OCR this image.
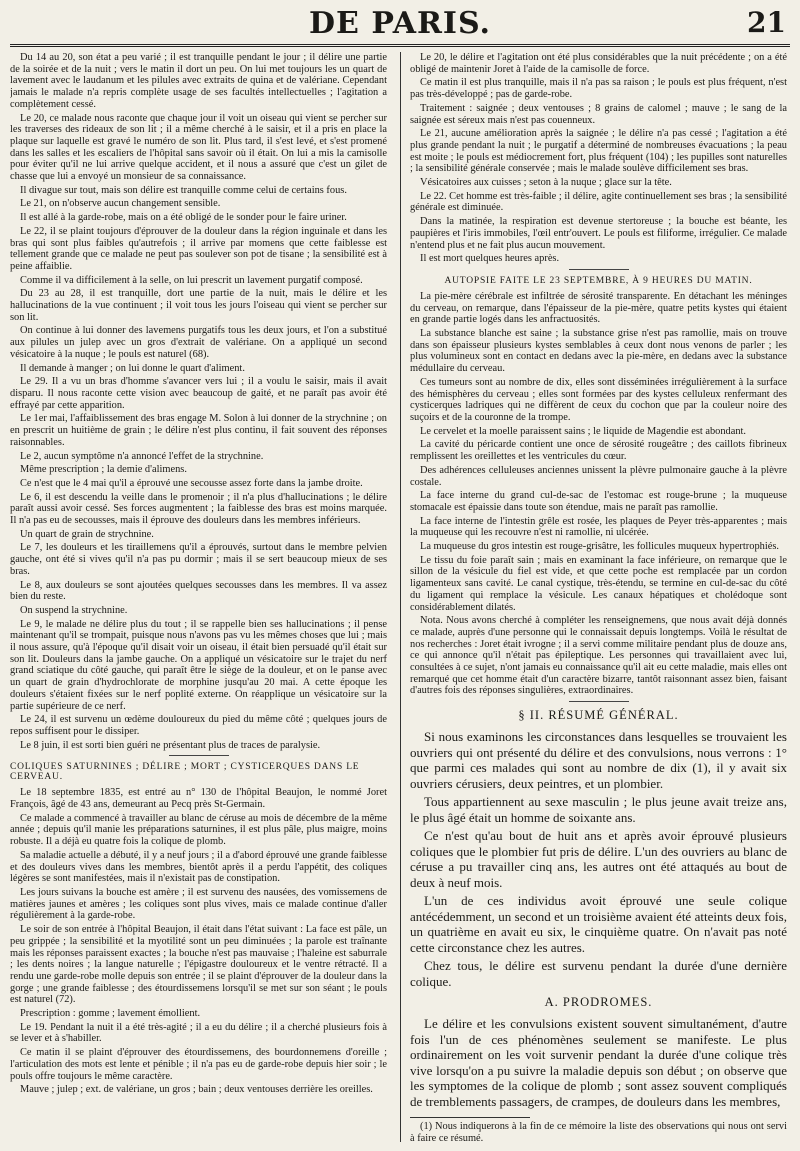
DE PARIS.	21

Du 14 au 20, son état a peu varié ; il est tranquille pendant le jour ; il délire une partie de la soirée et de la nuit ; vers le matin il dort un peu. On lui met toujours les un quart de lavement avec le laudanum et les pilules avec extraits de quina et de valériane. Cependant jamais le malade n'a repris complète usage de ses facultés intellectuelles ; l'agitation a complètement cessé.

Le 20, ce malade nous raconte que chaque jour il voit un oiseau qui vient se percher sur les traverses des rideaux de son lit ; il a même cherché à le saisir, et il a pris en place la plaque sur laquelle est gravé le numéro de son lit. Plus tard, il s'est levé, et s'est promené dans les salles et les escaliers de l'hôpital sans savoir où il était. On lui a mis la camisolle pour éviter qu'il ne lui arrive quelque accident, et il nous a assuré que c'est un gilet de chasse que lui a envoyé un monsieur de sa connaissance.

Il divague sur tout, mais son délire est tranquille comme celui de certains fous.

Le 21, on n'observe aucun changement sensible.

Il est allé à la garde-robe, mais on a été obligé de le sonder pour le faire uriner.

Le 22, il se plaint toujours d'éprouver de la douleur dans la région inguinale et dans les bras qui sont plus faibles qu'autrefois ; il arrive par momens que cette faiblesse est tellement grande que ce malade ne peut pas soulever son pot de tisane ; la sensibilité est à peine affaiblie.

Comme il va difficilement à la selle, on lui prescrit un lavement purgatif composé.

Du 23 au 28, il est tranquille, dort une partie de la nuit, mais le délire et les hallucinations de la vue continuent ; il voit tous les jours l'oiseau qui vient se percher sur son lit.

On continue à lui donner des lavemens purgatifs tous les deux jours, et l'on a substitué aux pilules un julep avec un gros d'extrait de valériane. On a appliqué un second vésicatoire à la nuque ; le pouls est naturel (68).

Il demande à manger ; on lui donne le quart d'aliment.

Le 29. Il a vu un bras d'homme s'avancer vers lui ; il a voulu le saisir, mais il avait disparu. Il nous raconte cette vision avec beaucoup de gaité, et ne paraît pas avoir été effrayé par cette apparition.

Le 1er mai, l'affaiblissement des bras engage M. Solon à lui donner de la strychnine ; on en prescrit un huitième de grain ; le délire n'est plus continu, il fait souvent des réponses raisonnables.

Le 2, aucun symptôme n'a annoncé l'effet de la strychnine.

Même prescription ; la demie d'alimens.

Ce n'est que le 4 mai qu'il a éprouvé une secousse assez forte dans la jambe droite.

Le 6, il est descendu la veille dans le promenoir ; il n'a plus d'hallucinations ; le délire paraît aussi avoir cessé. Ses forces augmentent ; la faiblesse des bras est moins marquée. Il n'a pas eu de secousses, mais il éprouve des douleurs dans les membres inférieurs.

Un quart de grain de strychnine.

Le 7, les douleurs et les tiraillemens qu'il a éprouvés, surtout dans le membre pelvien gauche, ont été si vives qu'il n'a pas pu dormir ; mais il se sert beaucoup mieux de ses bras.

Le 8, aux douleurs se sont ajoutées quelques secousses dans les membres. Il va assez bien du reste.

On suspend la strychnine.

Le 9, le malade ne délire plus du tout ; il se rappelle bien ses hallucinations ; il pense maintenant qu'il se trompait, puisque nous n'avons pas vu les mêmes choses que lui ; mais il nous assure, qu'à l'époque qu'il disait voir un oiseau, il était bien persuadé qu'il était sur son lit. Douleurs dans la jambe gauche. On a appliqué un vésicatoire sur le trajet du nerf grand sciatique du côté gauche, qui paraît être le siège de la douleur, et on le panse avec un quart de grain d'hydrochlorate de morphine jusqu'au 20 mai. A cette époque les douleurs s'étaient fixées sur le nerf poplité externe. On réapplique un vésicatoire sur la partie supérieure de ce nerf.

Le 24, il est survenu un œdème douloureux du pied du même côté ; quelques jours de repos suffisent pour le dissiper.

Le 8 juin, il est sorti bien guéri ne présentant plus de traces de paralysie.

COLIQUES SATURNINES ; DÉLIRE ; MORT ; CYSTICERQUES DANS LE CERVEAU.

Le 18 septembre 1835, est entré au n° 130 de l'hôpital Beaujon, le nommé Joret François, âgé de 43 ans, demeurant au Pecq près St-Germain.

Ce malade a commencé à travailler au blanc de céruse au mois de décembre de la même année ; depuis qu'il manie les préparations saturnines, il est plus pâle, plus maigre, moins robuste. Il a déjà eu quatre fois la colique de plomb.

Sa maladie actuelle a débuté, il y a neuf jours ; il a d'abord éprouvé une grande faiblesse et des douleurs vives dans les membres, bientôt après il a perdu l'appétit, des coliques légères se sont manifestées, mais il n'existait pas de constipation.

Les jours suivans la bouche est amère ; il est survenu des nausées, des vomissemens de matières jaunes et amères ; les coliques sont plus vives, mais ce malade continue d'aller régulièrement à la garde-robe.

Le soir de son entrée à l'hôpital Beaujon, il était dans l'état suivant : La face est pâle, un peu grippée ; la sensibilité et la myotilité sont un peu diminuées ; la parole est traînante mais les réponses paraissent exactes ; la bouche n'est pas mauvaise ; l'haleine est saburrale ; les dents noires ; la langue naturelle ; l'épigastre douloureux et le ventre rétracté. Il a rendu une garde-robe molle depuis son entrée ; il se plaint d'éprouver de la douleur dans la gorge ; une grande faiblesse ; des étourdissemens lorsqu'il se met sur son séant ; le pouls est naturel (72).

Prescription : gomme ; lavement émollient.

Le 19. Pendant la nuit il a été très-agité ; il a eu du délire ; il a cherché plusieurs fois à se lever et à s'habiller.

Ce matin il se plaint d'éprouver des étourdissemens, des bourdonnemens d'oreille ; l'articulation des mots est lente et pénible ; il n'a pas eu de garde-robe depuis hier soir ; le pouls offre toujours le même caractère.

Mauve ; julep ; ext. de valériane, un gros ; bain ; deux ventouses derrière les oreilles.

Le 20, le délire et l'agitation ont été plus considérables que la nuit précédente ; on a été obligé de maintenir Joret à l'aide de la camisolle de force.

Ce matin il est plus tranquille, mais il n'a pas sa raison ; le pouls est plus fréquent, n'est pas très-développé ; pas de garde-robe.

Traitement : saignée ; deux ventouses ; 8 grains de calomel ; mauve ; le sang de la saignée est séreux mais n'est pas couenneux.

Le 21, aucune amélioration après la saignée ; le délire n'a pas cessé ; l'agitation a été plus grande pendant la nuit ; le purgatif a déterminé de nombreuses évacuations ; la peau est moite ; le pouls est médiocrement fort, plus fréquent (104) ; les pupilles sont naturelles ; la sensibilité générale conservée ; mais le malade soulève difficilement ses bras.

Vésicatoires aux cuisses ; seton à la nuque ; glace sur la tête.

Le 22. Cet homme est très-faible ; il délire, agite continuellement ses bras ; la sensibilité générale est diminuée.

Dans la matinée, la respiration est devenue stertoreuse ; la bouche est béante, les paupières et l'iris immobiles, l'œil entr'ouvert. Le pouls est filiforme, irrégulier. Ce malade n'entend plus et ne fait plus aucun mouvement.

Il est mort quelques heures après.

AUTOPSIE FAITE LE 23 SEPTEMBRE, À 9 HEURES DU MATIN.

La pie-mère cérébrale est infiltrée de sérosité transparente. En détachant les méninges du cerveau, on remarque, dans l'épaisseur de la pie-mère, quatre petits kystes qui étaient en grande partie logés dans les anfractuosités.

La substance blanche est saine ; la substance grise n'est pas ramollie, mais on trouve dans son épaisseur plusieurs kystes semblables à ceux dont nous venons de parler ; les plus volumineux sont en contact en dedans avec la pie-mère, en dedans avec la substance médullaire du cerveau.

Ces tumeurs sont au nombre de dix, elles sont disséminées irrégulièrement à la surface des hémisphères du cerveau ; elles sont formées par des kystes celluleux renfermant des cysticerques ladriques qui ne diffèrent de ceux du cochon que par la couleur noire des suçoirs et de la couronne de la trompe.

Le cervelet et la moelle paraissent sains ; le liquide de Magendie est abondant.

La cavité du péricarde contient une once de sérosité rougeâtre ; des caillots fibrineux remplissent les oreillettes et les ventricules du cœur.

Des adhérences celluleuses anciennes unissent la plèvre pulmonaire gauche à la plèvre costale.

La face interne du grand cul-de-sac de l'estomac est rouge-brune ; la muqueuse stomacale est épaissie dans toute son étendue, mais ne paraît pas ramollie.

La face interne de l'intestin grêle est rosée, les plaques de Peyer très-apparentes ; mais la muqueuse qui les recouvre n'est ni ramollie, ni ulcérée.

La muqueuse du gros intestin est rouge-grisâtre, les follicules muqueux hypertrophiés.

Le tissu du foie paraît sain ; mais en examinant la face inférieure, on remarque que le sillon de la vésicule du fiel est vide, et que cette poche est remplacée par un cordon ligamenteux sans cavité. Le canal cystique, très-étendu, se termine en cul-de-sac du côté du ligament qui remplace la vésicule. Les canaux hépatiques et cholédoque sont considérablement dilatés.

Nota. Nous avons cherché à compléter les renseignemens, que nous avait déjà donnés ce malade, auprès d'une personne qui le connaissait depuis longtemps. Voilà le résultat de nos recherches : Joret était ivrogne ; il a servi comme militaire pendant plus de douze ans, ce qui annonce qu'il n'était pas épileptique. Les personnes qui travaillaient avec lui, consultées à ce sujet, n'ont jamais eu connaissance qu'il ait eu cette maladie, mais elles ont remarqué que cet homme était d'un caractère bizarre, tantôt raisonnant assez bien, faisant d'autres fois des réponses singulières, extraordinaires.

§ II. RÉSUMÉ GÉNÉRAL.

Si nous examinons les circonstances dans lesquelles se trouvaient les ouvriers qui ont présenté du délire et des convulsions, nous verrons : 1° que parmi ces malades qui sont au nombre de dix (1), il y avait six ouvriers cérusiers, deux peintres, et un plombier.

Tous appartiennent au sexe masculin ; le plus jeune avait treize ans, le plus âgé était un homme de soixante ans.

Ce n'est qu'au bout de huit ans et après avoir éprouvé plusieurs coliques que le plombier fut pris de délire. L'un des ouvriers au blanc de céruse a pu travailler cinq ans, les autres ont été attaqués au bout de deux à neuf mois.

L'un de ces individus avoit éprouvé une seule colique antécédemment, un second et un troisième avaient été atteints deux fois, un quatrième en avait eu six, le cinquième quatre. On n'avait pas noté cette circonstance chez les autres.

Chez tous, le délire est survenu pendant la durée d'une dernière colique.

A. PRODROMES.

Le délire et les convulsions existent souvent simultanément, d'autre fois l'un de ces phénomènes seulement se manifeste. Le plus ordinairement on les voit survenir pendant la durée d'une colique très vive lorsqu'on a pu suivre la maladie depuis son début ; on observe que les symptomes de la colique de plomb ; sont assez souvent compliqués de tremblements passagers, de crampes, de douleurs dans les membres,

(1) Nous indiquerons à la fin de ce mémoire la liste des observations qui nous ont servi à faire ce résumé.
